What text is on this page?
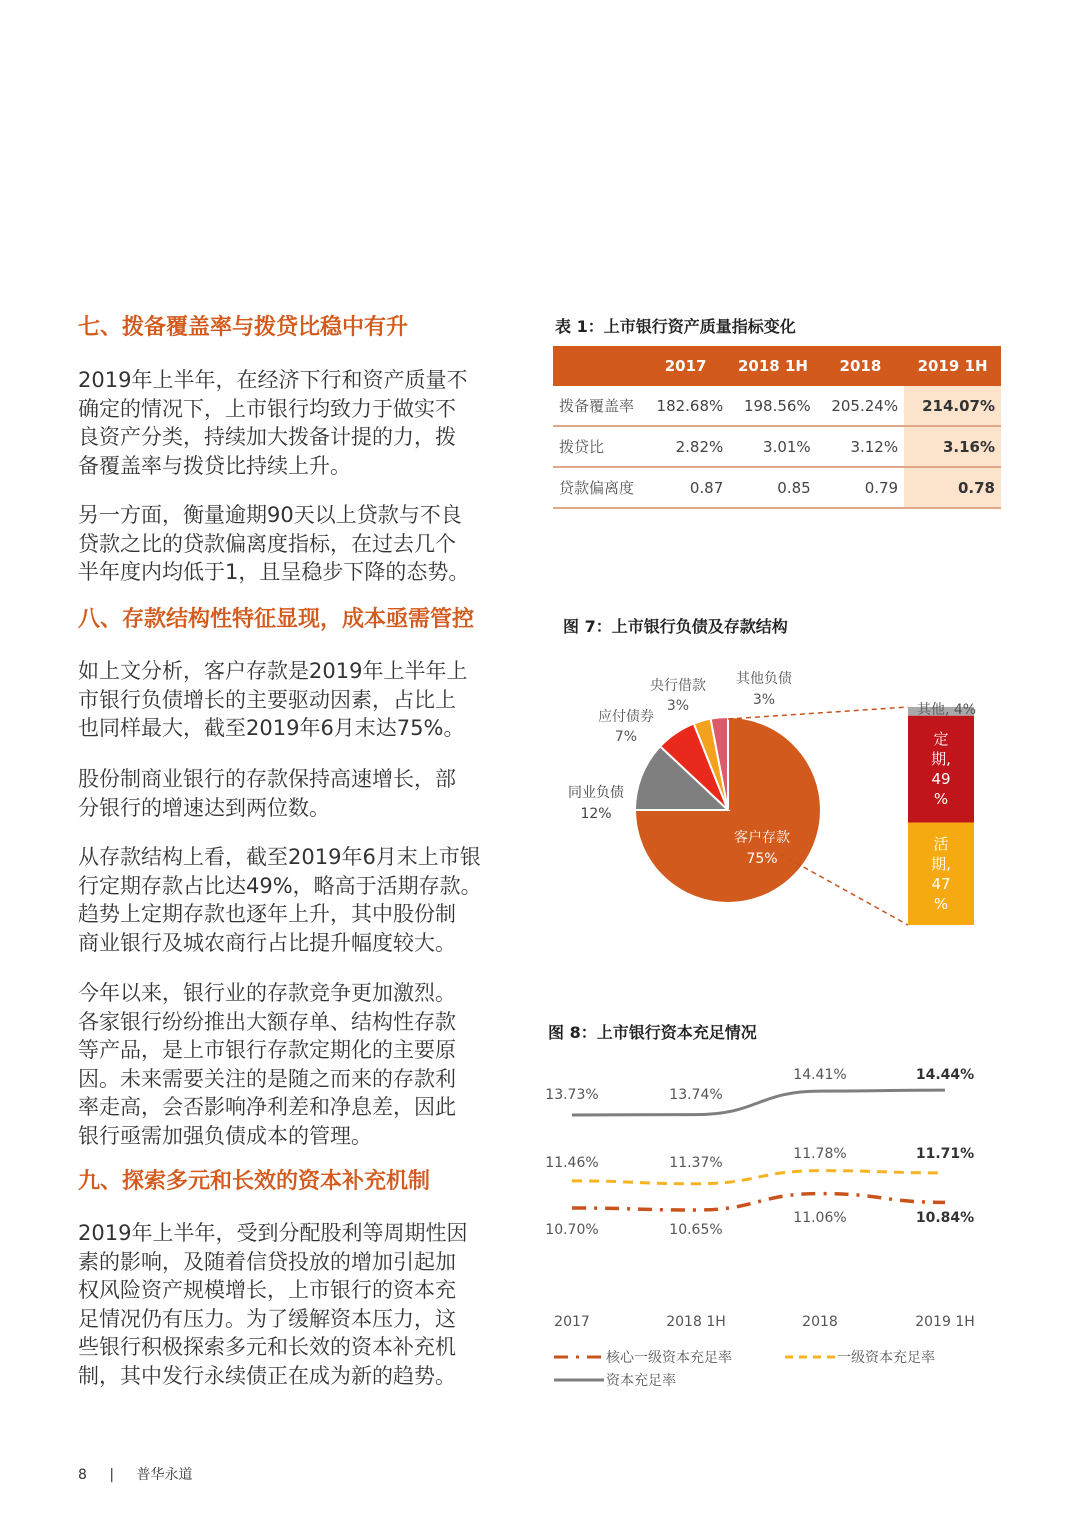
七、拨备覆盖率与拨贷比稳中有升
2019年上半年，在经济下行和资产质量不
确定的情况下，上市银行均致力于做实不
良资产分类，持续加大拨备计提的力，拨
备覆盖率与拨贷比持续上升。
另一方面，衡量逾期90天以上贷款与不良
贷款之比的贷款偏离度指标，在过去几个
半年度内均低于1，且呈稳步下降的态势。
八、存款结构性特征显现，成本亟需管控
如上文分析，客户存款是2019年上半年上
市银行负债增长的主要驱动因素，占比上
也同样最大，截至2019年6月末达75%。
股份制商业银行的存款保持高速增长，部
分银行的增速达到两位数。
从存款结构上看，截至2019年6月末上市银
行定期存款占比达49%，略高于活期存款。
趋势上定期存款也逐年上升，其中股份制
商业银行及城农商行占比提升幅度较大。
今年以来，银行业的存款竞争更加激烈。
各家银行纷纷推出大额存单、结构性存款
等产品，是上市银行存款定期化的主要原
因。未来需要关注的是随之而来的存款利
率走高，会否影响净利差和净息差，因此
银行亟需加强负债成本的管理。
九、探索多元和长效的资本补充机制
2019年上半年，受到分配股利等周期性因
素的影响，及随着信贷投放的增加引起加
权风险资产规模增长，上市银行的资本充
足情况仍有压力。为了缓解资本压力，这
些银行积极探索多元和长效的资本补充机
制，其中发行永续债正在成为新的趋势。
表 1：上市银行资产质量指标变化
	2017	2018 1H	2018	2019 1H
拨备覆盖率	182.68%	198.56%	205.24%	214.07%
拨贷比	2.82%	3.01%	3.12%	3.16%
贷款偏离度	0.87	0.85	0.79	0.78
图 7：上市银行负债及存款结构
客户存款
75%
同业负债
12%
应付债券
7%
央行借款
3%
其他负债
3%
其他, 4%
定
期,
49
%
活
期,
47
%
图 8：上市银行资本充足情况
13.73%	13.74%
14.41%	14.44%
11.46%	11.37%
11.78%	11.71%
10.70%	10.65%
11.06%	10.84%
2017	2018 1H	2018	2019 1H
核心一级资本充足率	一级资本充足率
资本充足率
8 | 普华永道
